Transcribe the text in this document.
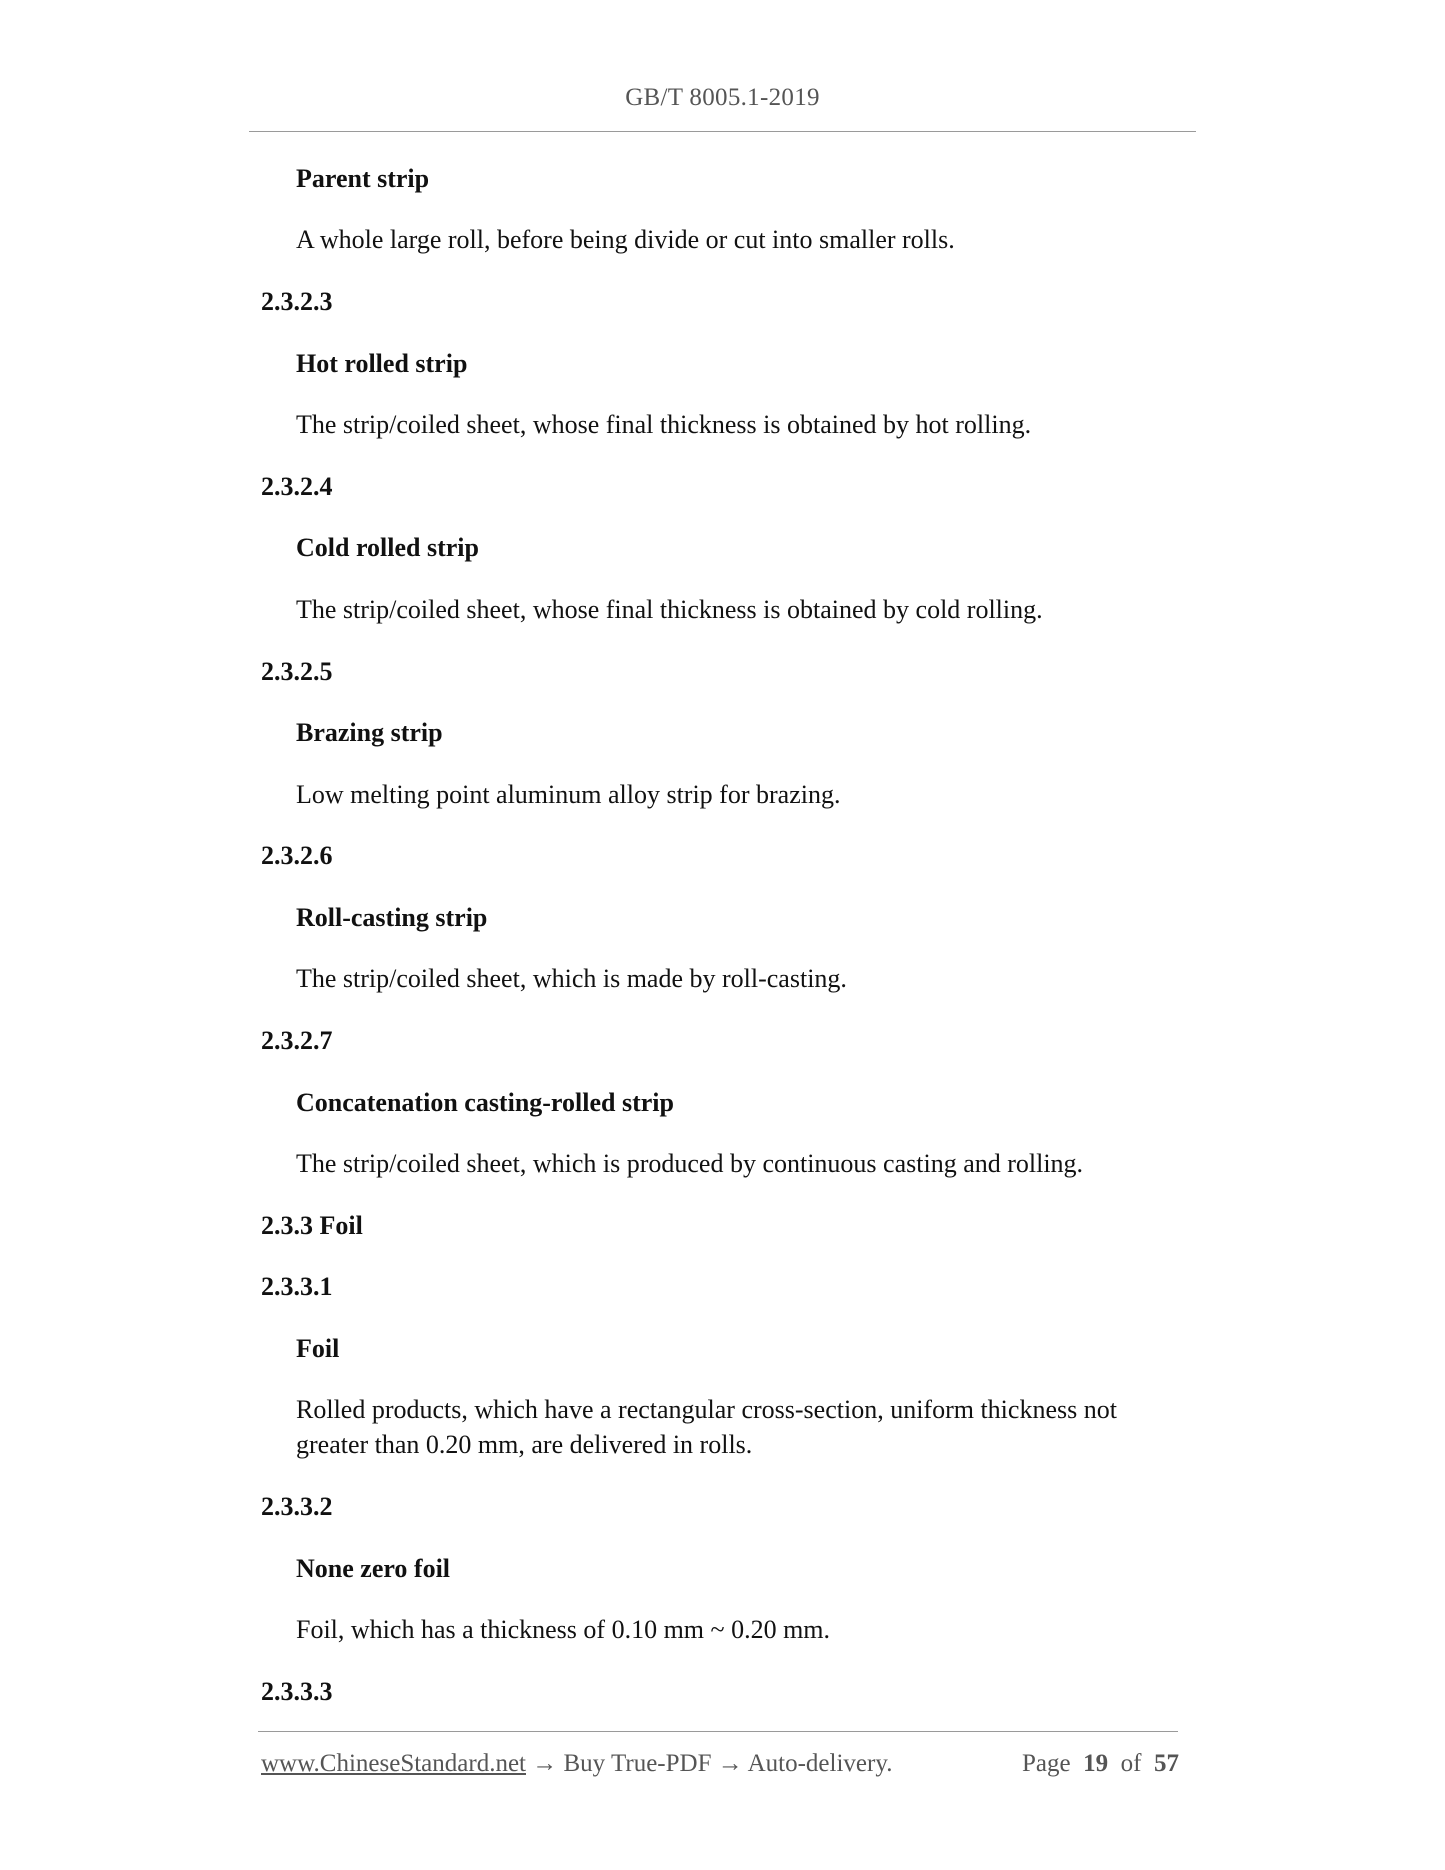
GB/T 8005.1-2019
Parent strip
A whole large roll, before being divide or cut into smaller rolls.
2.3.2.3
Hot rolled strip
The strip/coiled sheet, whose final thickness is obtained by hot rolling.
2.3.2.4
Cold rolled strip
The strip/coiled sheet, whose final thickness is obtained by cold rolling.
2.3.2.5
Brazing strip
Low melting point aluminum alloy strip for brazing.
2.3.2.6
Roll-casting strip
The strip/coiled sheet, which is made by roll-casting.
2.3.2.7
Concatenation casting-rolled strip
The strip/coiled sheet, which is produced by continuous casting and rolling.
2.3.3 Foil
2.3.3.1
Foil
Rolled products, which have a rectangular cross-section, uniform thickness not
greater than 0.20 mm, are delivered in rolls.
2.3.3.2
None zero foil
Foil, which has a thickness of 0.10 mm ~ 0.20 mm.
2.3.3.3
www.ChineseStandard.net → Buy True-PDF → Auto-delivery.	Page 19 of 57
